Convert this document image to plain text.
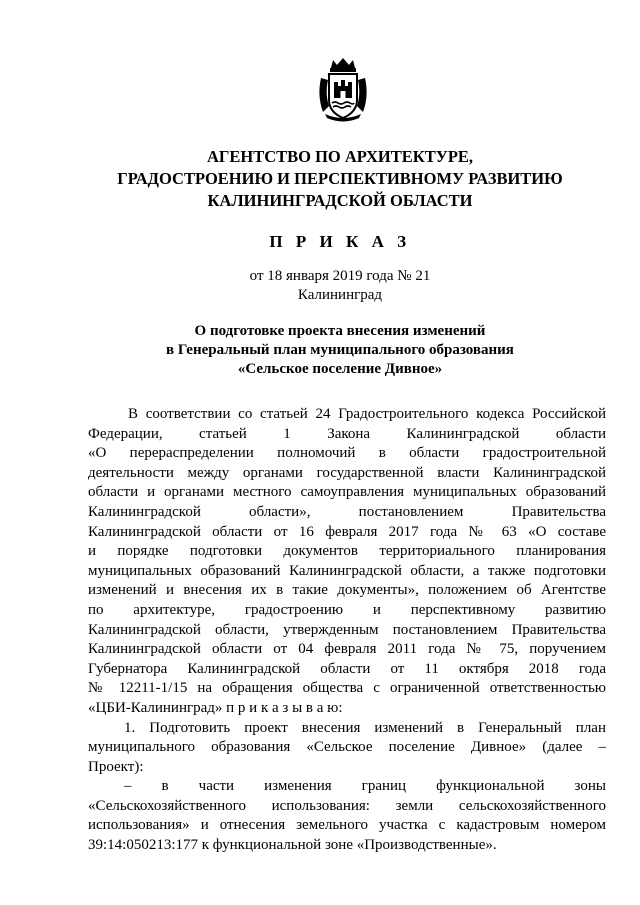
АГЕНТСТВО ПО АРХИТЕКТУРЕ,
ГРАДОСТРОЕНИЮ И ПЕРСПЕКТИВНОМУ РАЗВИТИЮ
КАЛИНИНГРАДСКОЙ ОБЛАСТИ
П Р И К А З
от 18 января 2019 года № 21
Калининград
О подготовке проекта внесения изменений
в Генеральный план муниципального образования
«Сельское поселение Дивное»
В соответствии со статьей 24 Градостроительного кодекса Российской
Федерации, статьей 1 Закона Калининградской области
«О перераспределении полномочий в области градостроительной
деятельности между органами государственной власти Калининградской
области и органами местного самоуправления муниципальных образований
Калининградской области», постановлением Правительства
Калининградской области от 16 февраля 2017 года № 63 «О составе
и порядке подготовки документов территориального планирования
муниципальных образований Калининградской области, а также подготовки
изменений и внесения их в такие документы», положением об Агентстве
по архитектуре, градостроению и перспективному развитию
Калининградской области, утвержденным постановлением Правительства
Калининградской области от 04 февраля 2011 года № 75, поручением
Губернатора Калининградской области от 11 октября 2018 года
№ 12211-1/15 на обращения общества с ограниченной ответственностью
«ЦБИ-Калининград» п р и к а з ы в а ю:
1. Подготовить проект внесения изменений в Генеральный план
муниципального образования «Сельское поселение Дивное» (далее –
Проект):
– в части изменения границ функциональной зоны
«Сельскохозяйственного использования: земли сельскохозяйственного
использования» и отнесения земельного участка с кадастровым номером
39:14:050213:177 к функциональной зоне «Производственные».
